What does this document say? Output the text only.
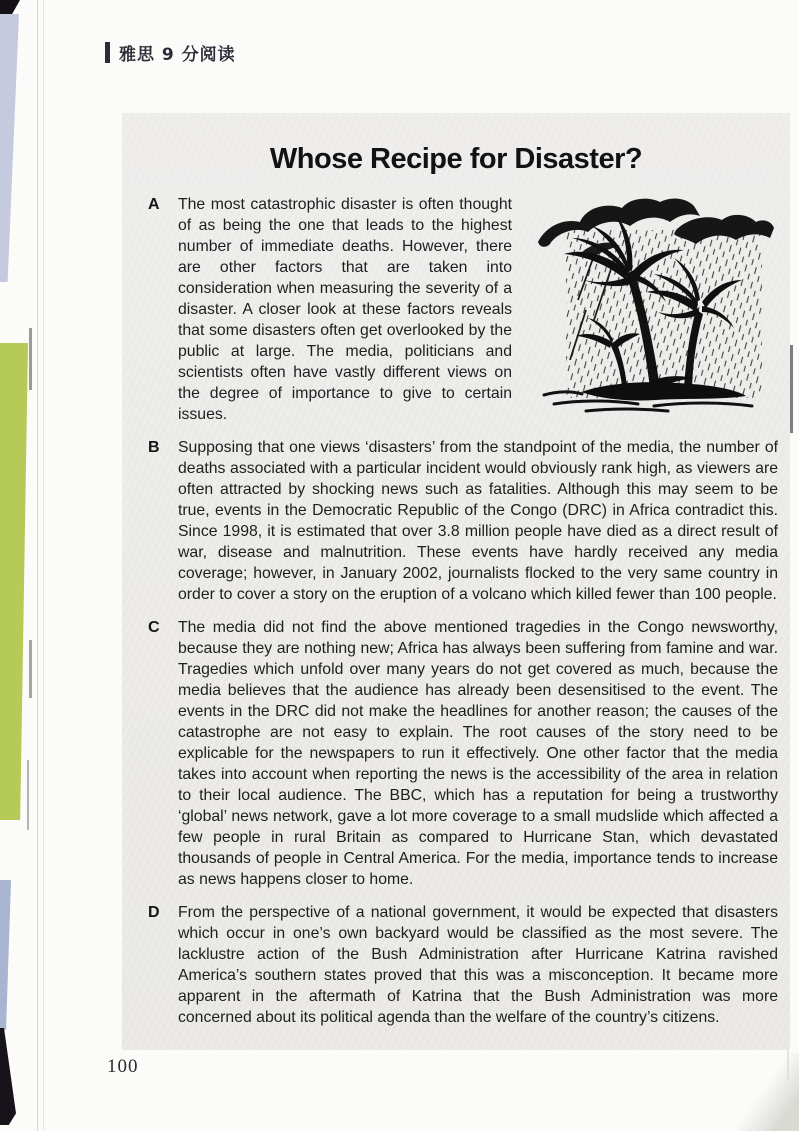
雅思 9 分阅读
Whose Recipe for Disaster?
A The most catastrophic disaster is often thought of as being the one that leads to the highest number of immediate deaths. However, there are other factors that are taken into consideration when measuring the severity of a disaster. A closer look at these factors reveals that some disasters often get overlooked by the public at large. The media, politicians and scientists often have vastly different views on the degree of importance to give to certain issues.
B Supposing that one views ‘disasters’ from the standpoint of the media, the number of deaths associated with a particular incident would obviously rank high, as viewers are often attracted by shocking news such as fatalities. Although this may seem to be true, events in the Democratic Republic of the Congo (DRC) in Africa contradict this. Since 1998, it is estimated that over 3.8 million people have died as a direct result of war, disease and malnutrition. These events have hardly received any media coverage; however, in January 2002, journalists flocked to the very same country in order to cover a story on the eruption of a volcano which killed fewer than 100 people.
C The media did not find the above mentioned tragedies in the Congo newsworthy, because they are nothing new; Africa has always been suffering from famine and war. Tragedies which unfold over many years do not get covered as much, because the media believes that the audience has already been desensitised to the event. The events in the DRC did not make the headlines for another reason; the causes of the catastrophe are not easy to explain. The root causes of the story need to be explicable for the newspapers to run it effectively. One other factor that the media takes into account when reporting the news is the accessibility of the area in relation to their local audience. The BBC, which has a reputation for being a trustworthy ‘global’ news network, gave a lot more coverage to a small mudslide which affected a few people in rural Britain as compared to Hurricane Stan, which devastated thousands of people in Central America. For the media, importance tends to increase as news happens closer to home.
D From the perspective of a national government, it would be expected that disasters which occur in one’s own backyard would be classified as the most severe. The lacklustre action of the Bush Administration after Hurricane Katrina ravished America’s southern states proved that this was a misconception. It became more apparent in the aftermath of Katrina that the Bush Administration was more concerned about its political agenda than the welfare of the country’s citizens.
100
